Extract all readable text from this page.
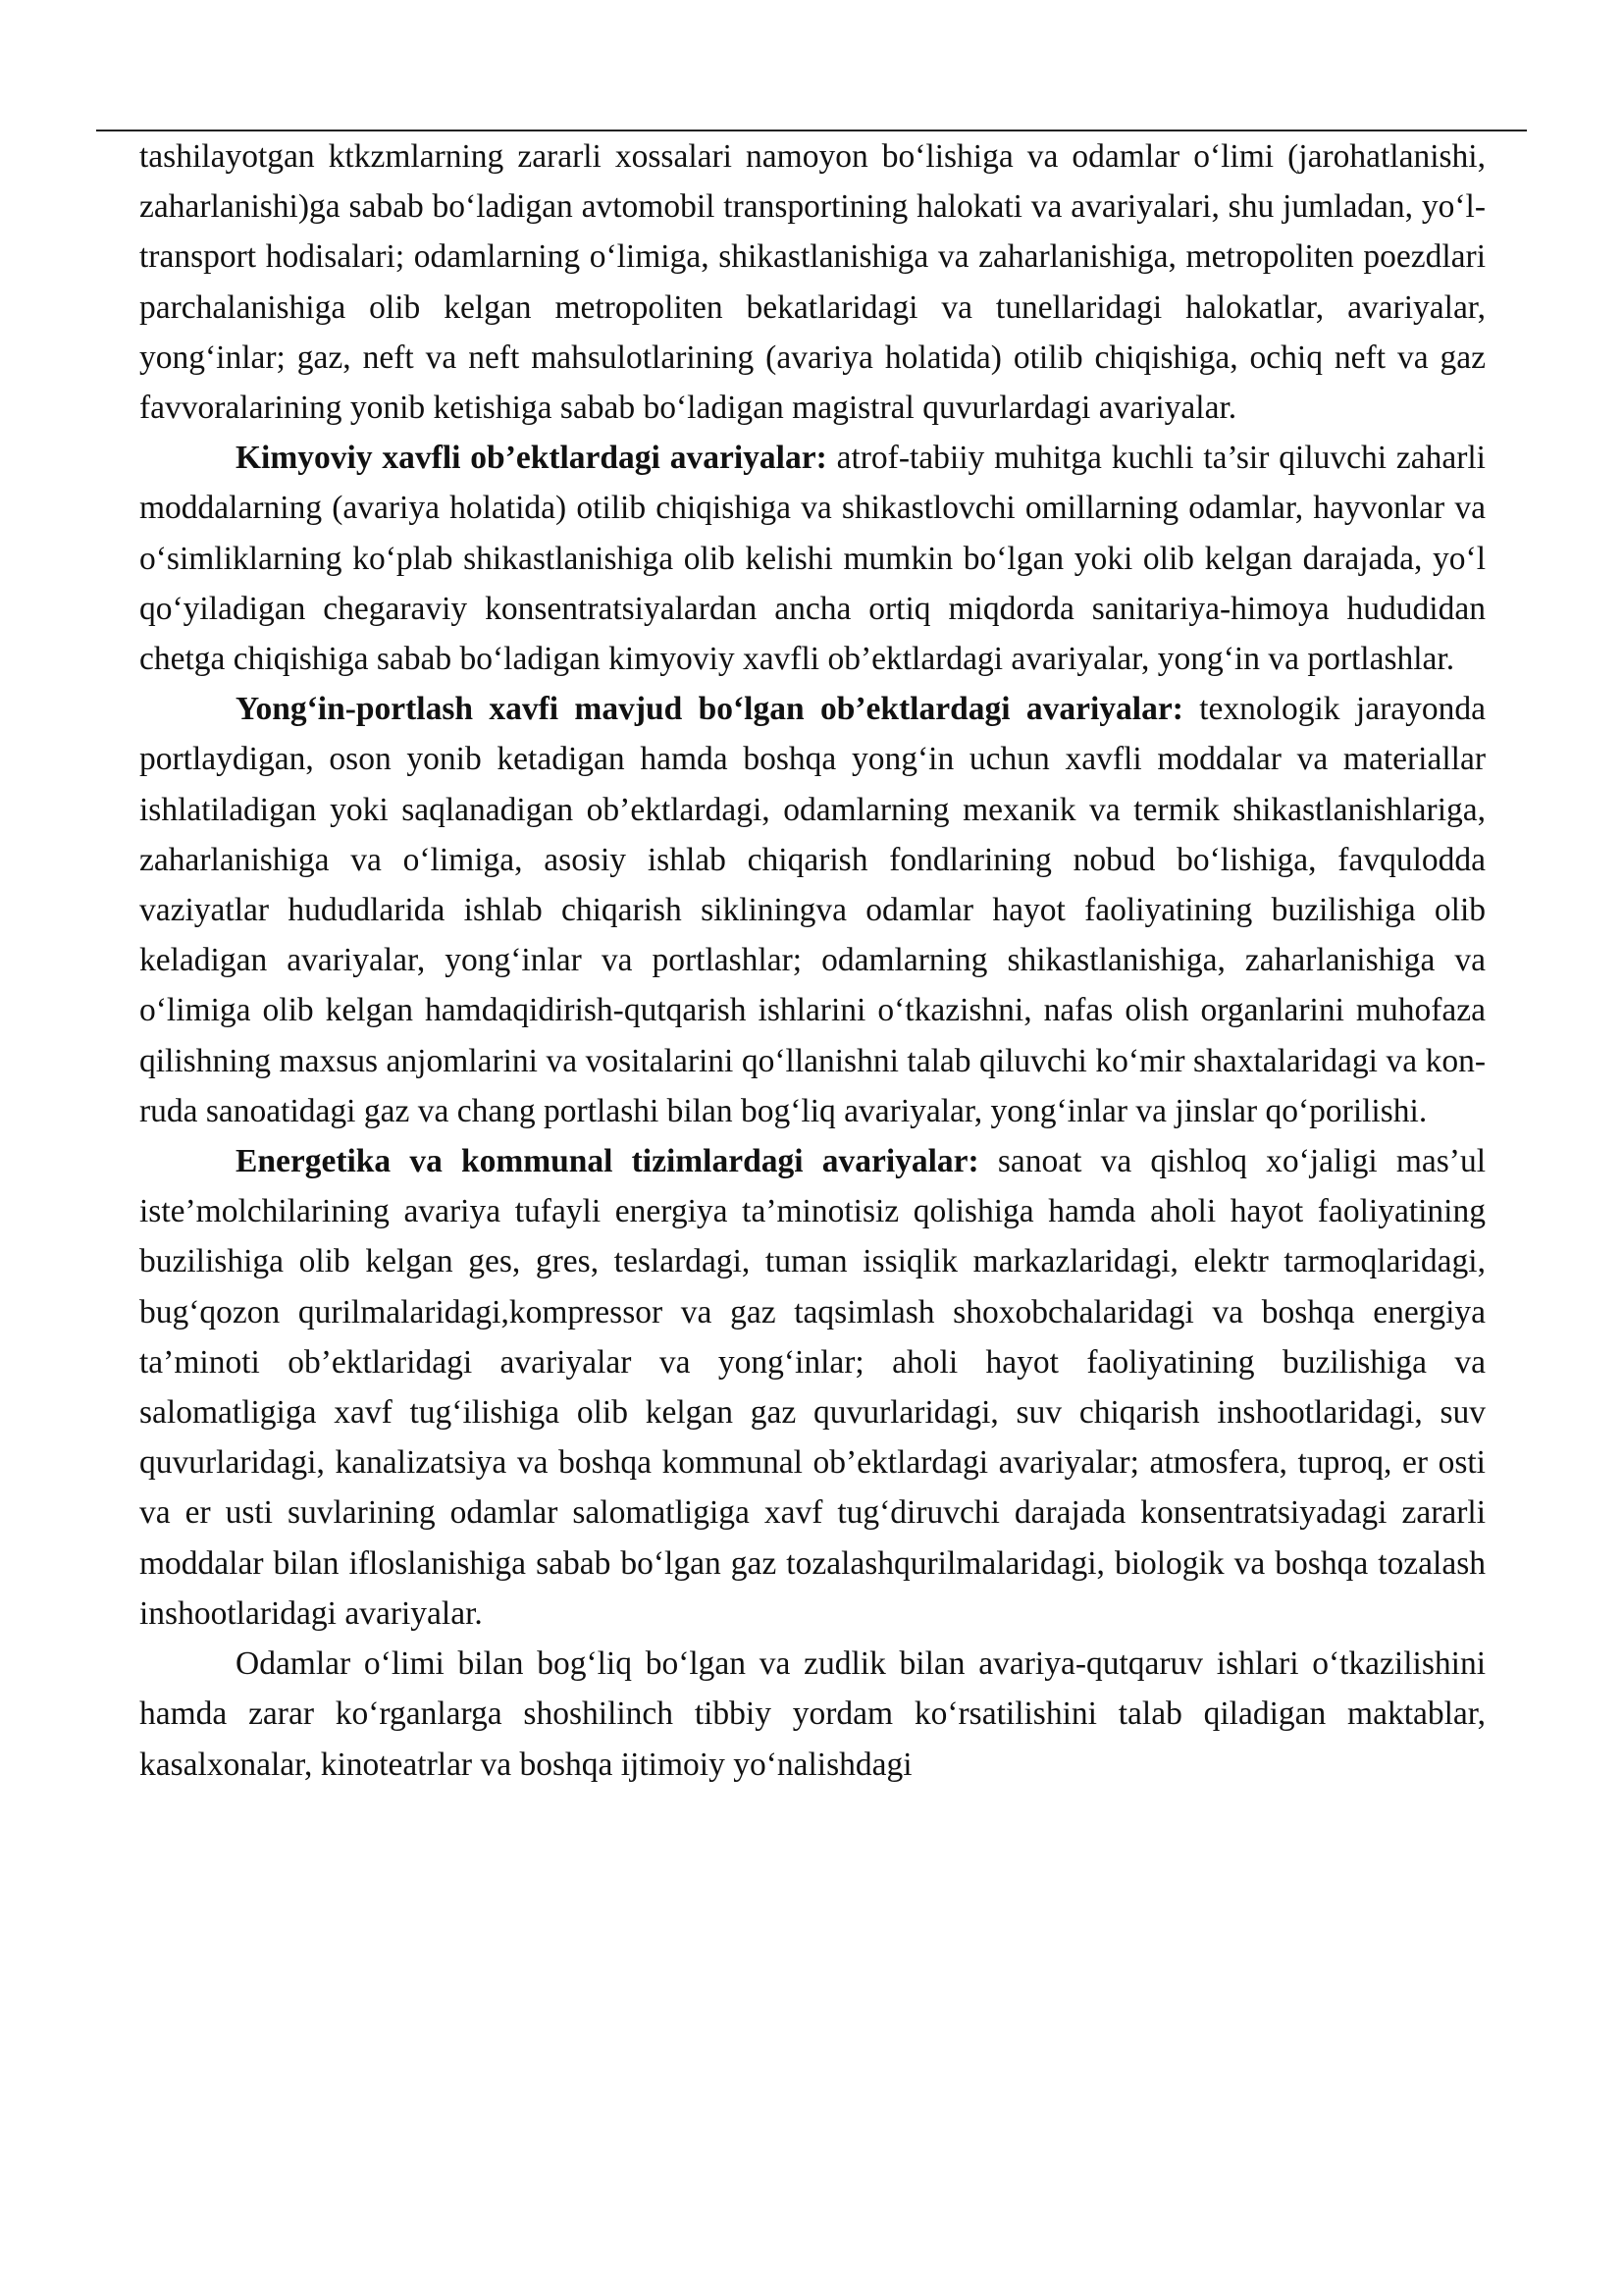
tashilayotgan ktkzmlarning zararli xossalari namoyon bo‘lishiga va odamlar o‘limi (jarohatlanishi, zaharlanishi)ga sabab bo‘ladigan avtomobil transportining halokati va avariyalari, shu jumladan, yo‘l-transport hodisalari; odamlarning o‘limiga, shikastlanishiga va zaharlanishiga, metropoliten poezdlari parchalanishiga olib kelgan metropoliten bekatlaridagi va tunellaridagi halokatlar, avariyalar, yong‘inlar; gaz, neft va neft mahsulotlarining (avariya holatida) otilib chiqishiga, ochiq neft va gaz favvoralarining yonib ketishiga sabab bo‘ladigan magistral quvurlardagi avariyalar.

Kimyoviy xavfli ob’ektlardagi avariyalar: atrof-tabiiy muhitga kuchli ta’sir qiluvchi zaharli moddalarning (avariya holatida) otilib chiqishiga va shikastlovchi omillarning odamlar, hayvonlar va o‘simliklarning ko‘plab shikastlanishiga olib kelishi mumkin bo‘lgan yoki olib kelgan darajada, yo‘l qo‘yiladigan chegaraviy konsentratsiyalardan ancha ortiq miqdorda sanitariya-himoya hududidan chetga chiqishiga sabab bo‘ladigan kimyoviy xavfli ob’ektlardagi avariyalar, yong‘in va portlashlar.

Yong‘in-portlash xavfi mavjud bo‘lgan ob’ektlardagi avariyalar: texnologik jarayonda portlaydigan, oson yonib ketadigan hamda boshqa yong‘in uchun xavfli moddalar va materiallar ishlatiladigan yoki saqlanadigan ob’ektlardagi, odamlarning mexanik va termik shikastlanishlariga, zaharlanishiga va o‘limiga, asosiy ishlab chiqarish fondlarining nobud bo‘lishiga, favqulodda vaziyatlar hududlarida ishlab chiqarish sikliningva odamlar hayot faoliyatining buzilishiga olib keladigan avariyalar, yong‘inlar va portlashlar; odamlarning shikastlanishiga, zaharlanishiga va o‘limiga olib kelgan hamdaqidirish-qutqarish ishlarini o‘tkazishni, nafas olish organlarini muhofaza qilishning maxsus anjomlarini va vositalarini qo‘llanishni talab qiluvchi ko‘mir shaxtalaridagi va kon-ruda sanoatidagi gaz va chang portlashi bilan bog‘liq avariyalar, yong‘inlar va jinslar qo‘porilishi.

Energetika va kommunal tizimlardagi avariyalar: sanoat va qishloq xo‘jaligi mas’ul iste’molchilarining avariya tufayli energiya ta’minotisiz qolishiga hamda aholi hayot faoliyatining buzilishiga olib kelgan ges, gres, teslardagi, tuman issiqlik markazlaridagi, elektr tarmoqlaridagi, bug‘qozon qurilmalaridagi,kompressor va gaz taqsimlash shoxobchalaridagi va boshqa energiya ta’minoti ob’ektlaridagi avariyalar va yong‘inlar; aholi hayot faoliyatining buzilishiga va salomatligiga xavf tug‘ilishiga olib kelgan gaz quvurlaridagi, suv chiqarish inshootlaridagi, suv quvurlaridagi, kanalizatsiya va boshqa kommunal ob’ektlardagi avariyalar; atmosfera, tuproq, er osti va er usti suvlarining odamlar salomatligiga xavf tug‘diruvchi darajada konsentratsiyadagi zararli moddalar bilan ifloslanishiga sabab bo‘lgan gaz tozalashqurilmalaridagi, biologik va boshqa tozalash inshootlaridagi avariyalar.

Odamlar o‘limi bilan bog‘liq bo‘lgan va zudlik bilan avariya-qutqaruv ishlari o‘tkazilishini hamda zarar ko‘rganlarga shoshilinch tibbiy yordam ko‘rsatilishini talab qiladigan maktablar, kasalxonalar, kinoteatrlar va boshqa ijtimoiy yo‘nalishdagi
